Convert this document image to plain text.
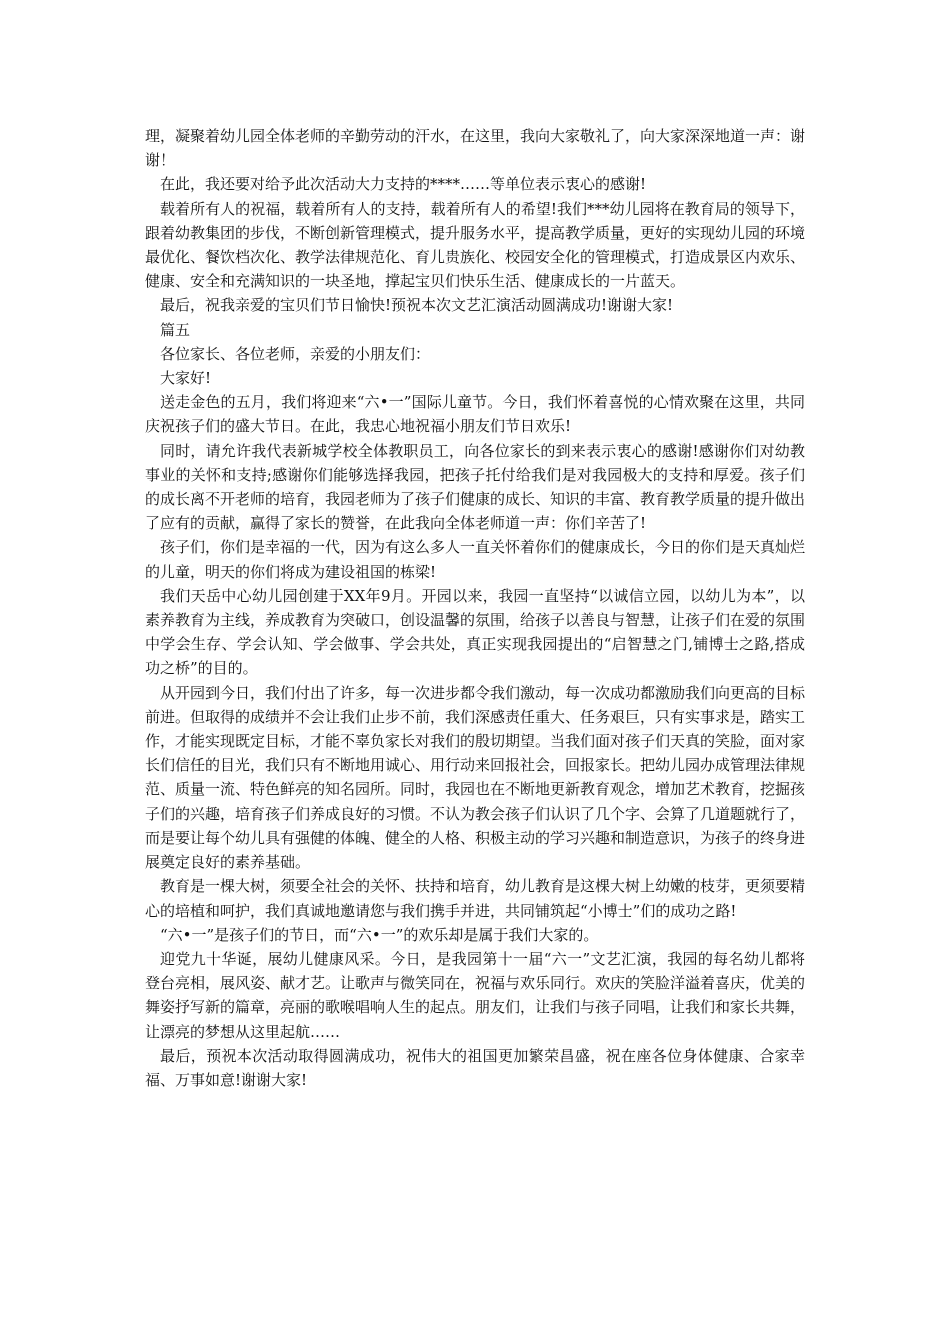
理，凝聚着幼儿园全体老师的辛勤劳动的汗水，在这里，我向大家敬礼了，向大家深深地道一声：谢谢！

在此，我还要对给予此次活动大力支持的****……等单位表示衷心的感谢!

载着所有人的祝福，载着所有人的支持，载着所有人的希望!我们***幼儿园将在教育局的领导下，跟着幼教集团的步伐，不断创新管理模式，提升服务水平，提高教学质量，更好的实现幼儿园的环境最优化、餐饮档次化、教学法律规范化、育儿贵族化、校园安全化的管理模式，打造成景区内欢乐、健康、安全和充满知识的一块圣地，撑起宝贝们快乐生活、健康成长的一片蓝天。

最后，祝我亲爱的宝贝们节日愉快!预祝本次文艺汇演活动圆满成功!谢谢大家!

篇五

各位家长、各位老师，亲爱的小朋友们：

大家好!

送走金色的五月，我们将迎来“六•一”国际儿童节。今日，我们怀着喜悦的心情欢聚在这里，共同庆祝孩子们的盛大节日。在此，我忠心地祝福小朋友们节日欢乐!

同时，请允许我代表新城学校全体教职员工，向各位家长的到来表示衷心的感谢!感谢你们对幼教事业的关怀和支持;感谢你们能够选择我园，把孩子托付给我们是对我园极大的支持和厚爱。孩子们的成长离不开老师的培育，我园老师为了孩子们健康的成长、知识的丰富、教育教学质量的提升做出了应有的贡献，赢得了家长的赞誉，在此我向全体老师道一声：你们辛苦了!

孩子们，你们是幸福的一代，因为有这么多人一直关怀着你们的健康成长，今日的你们是天真灿烂的儿童，明天的你们将成为建设祖国的栋梁!

我们天岳中心幼儿园创建于XX年9月。开园以来，我园一直坚持“以诚信立园，以幼儿为本”，以素养教育为主线，养成教育为突破口，创设温馨的氛围，给孩子以善良与智慧，让孩子们在爱的氛围中学会生存、学会认知、学会做事、学会共处，真正实现我园提出的“启智慧之门,铺博士之路,搭成功之桥”的目的。

从开园到今日，我们付出了许多，每一次进步都令我们激动，每一次成功都激励我们向更高的目标前进。但取得的成绩并不会让我们止步不前，我们深感责任重大、任务艰巨，只有实事求是，踏实工作，才能实现既定目标，才能不辜负家长对我们的殷切期望。当我们面对孩子们天真的笑脸，面对家长们信任的目光，我们只有不断地用诚心、用行动来回报社会，回报家长。把幼儿园办成管理法律规范、质量一流、特色鲜亮的知名园所。同时，我园也在不断地更新教育观念，增加艺术教育，挖掘孩子们的兴趣，培育孩子们养成良好的习惯。不认为教会孩子们认识了几个字、会算了几道题就行了，而是要让每个幼儿具有强健的体魄、健全的人格、积极主动的学习兴趣和制造意识，为孩子的终身进展奠定良好的素养基础。

教育是一棵大树，须要全社会的关怀、扶持和培育，幼儿教育是这棵大树上幼嫩的枝芽，更须要精心的培植和呵护，我们真诚地邀请您与我们携手并进，共同铺筑起“小博士”们的成功之路!

“六•一”是孩子们的节日，而“六•一”的欢乐却是属于我们大家的。

迎党九十华诞，展幼儿健康风采。今日，是我园第十一届“六一”文艺汇演，我园的每名幼儿都将登台亮相，展风姿、献才艺。让歌声与微笑同在，祝福与欢乐同行。欢庆的笑脸洋溢着喜庆，优美的舞姿抒写新的篇章，亮丽的歌喉唱响人生的起点。朋友们，让我们与孩子同唱，让我们和家长共舞，让漂亮的梦想从这里起航……

最后，预祝本次活动取得圆满成功，祝伟大的祖国更加繁荣昌盛，祝在座各位身体健康、合家幸福、万事如意!谢谢大家!
